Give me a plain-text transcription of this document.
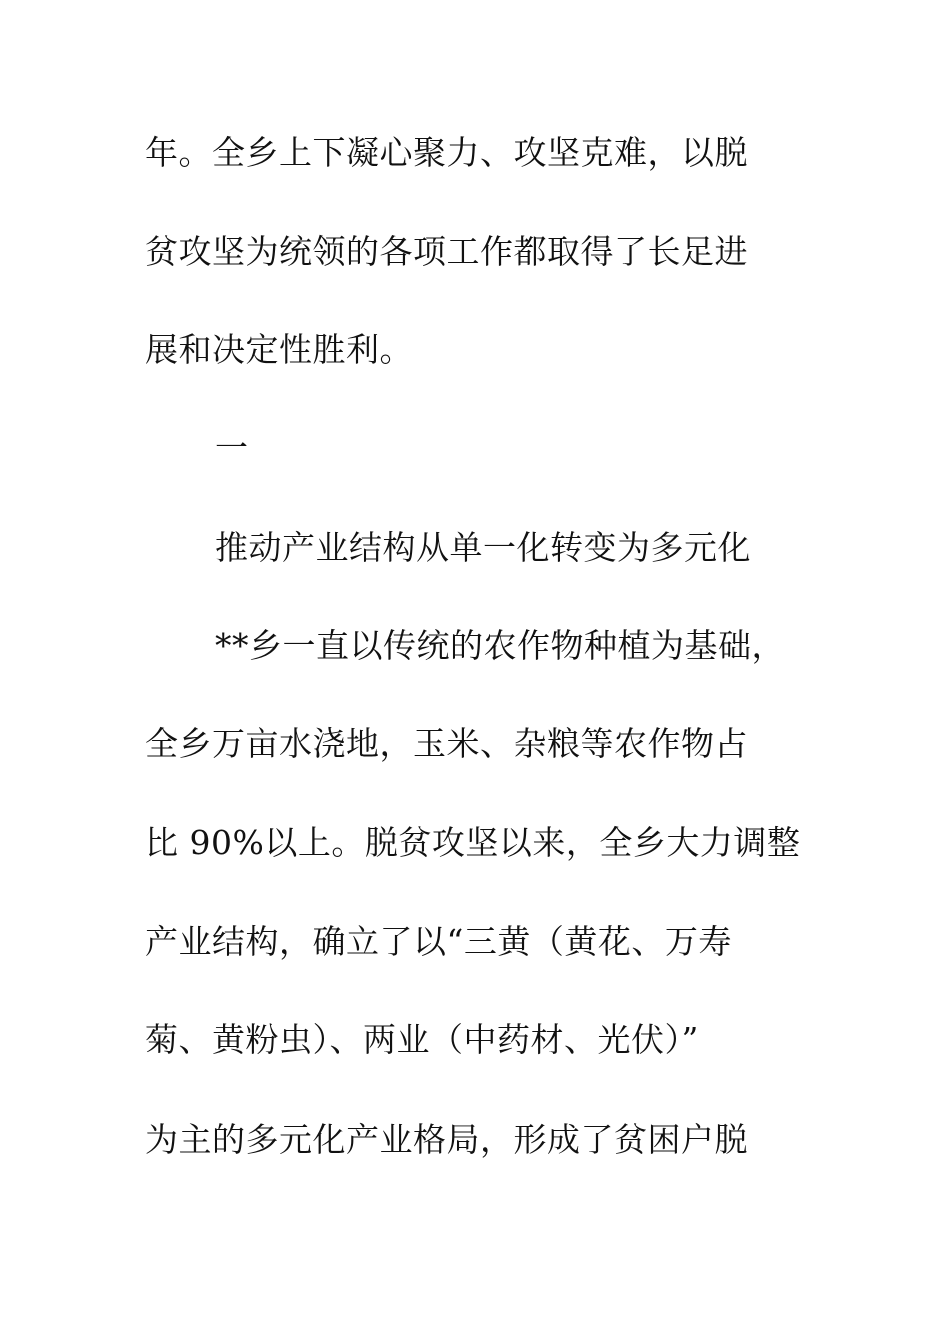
年。全乡上下凝心聚力、攻坚克难，以脱
贫攻坚为统领的各项工作都取得了长足进
展和决定性胜利。
一
推动产业结构从单一化转变为多元化
**乡一直以传统的农作物种植为基础，
全乡万亩水浇地，玉米、杂粮等农作物占
比 90%以上。脱贫攻坚以来，全乡大力调整
产业结构，确立了以“三黄（黄花、万寿
菊、黄粉虫）、两业（中药材、光伏）”
为主的多元化产业格局，形成了贫困户脱
